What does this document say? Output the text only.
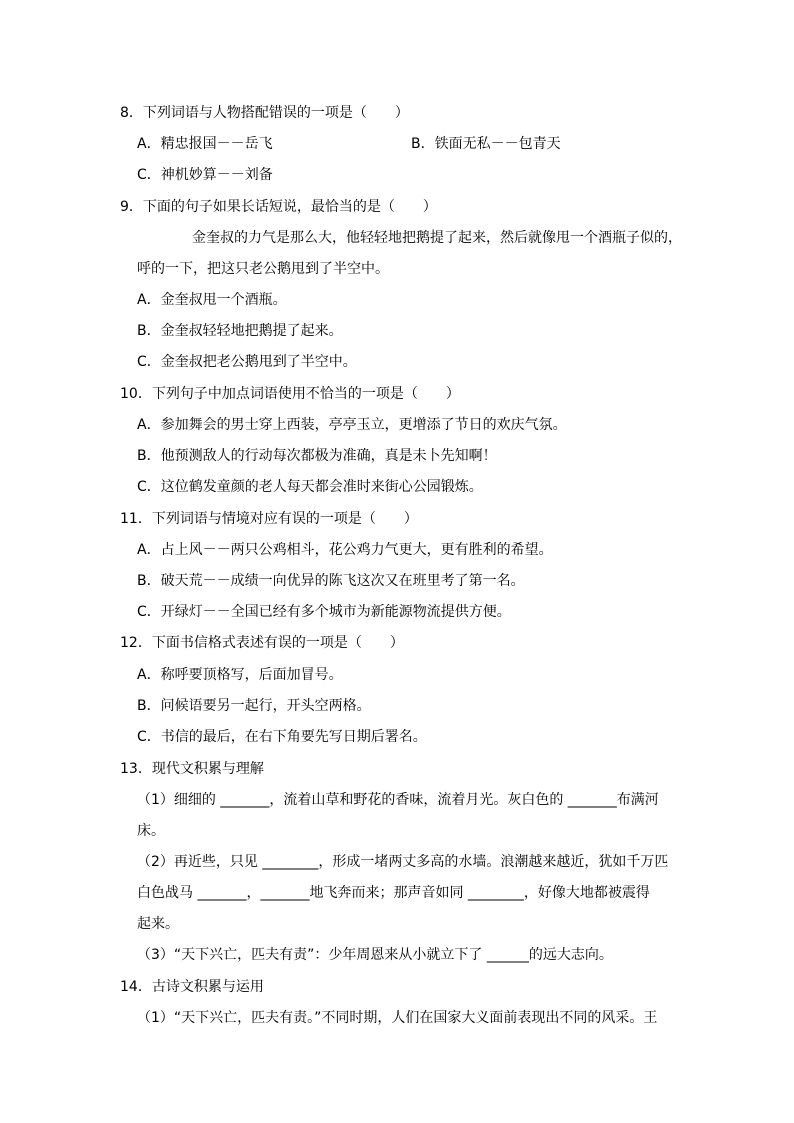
8．下列词语与人物搭配错误的一项是（　　）
A．精忠报国－－岳飞	B．铁面无私－－包青天
C．神机妙算－－刘备
9．下面的句子如果长话短说，最恰当的是（　　）
金奎叔的力气是那么大，他轻轻地把鹅提了起来，然后就像甩一个酒瓶子似的，
呼的一下，把这只老公鹅甩到了半空中。
A．金奎叔甩一个酒瓶。
B．金奎叔轻轻地把鹅提了起来。
C．金奎叔把老公鹅甩到了半空中。
10．下列句子中加点词语使用不恰当的一项是（　　）
A．参加舞会的男士穿上西装，亭亭玉立，更增添了节日的欢庆气氛。
B．他预测敌人的行动每次都极为准确，真是未卜先知啊！
C．这位鹤发童颜的老人每天都会准时来街心公园锻炼。
11．下列词语与情境对应有误的一项是（　　）
A．占上风－－两只公鸡相斗，花公鸡力气更大，更有胜利的希望。
B．破天荒－－成绩一向优异的陈飞这次又在班里考了第一名。
C．开绿灯－－全国已经有多个城市为新能源物流提供方便。
12．下面书信格式表述有误的一项是（　　）
A．称呼要顶格写，后面加冒号。
B．问候语要另一起行，开头空两格。
C．书信的最后，在右下角要先写日期后署名。
13．现代文积累与理解
（1）细细的 _______，流着山草和野花的香味，流着月光。灰白色的 _______布满河
床。
（2）再近些，只见 ________，形成一堵两丈多高的水墙。浪潮越来越近，犹如千万匹
白色战马 _______，_______地飞奔而来；那声音如同 ________，好像大地都被震得
起来。
（3）“天下兴亡，匹夫有责”：少年周恩来从小就立下了 ______的远大志向。
14．古诗文积累与运用
（1）“天下兴亡，匹夫有责。”不同时期，人们在国家大义面前表现出不同的风采。王
